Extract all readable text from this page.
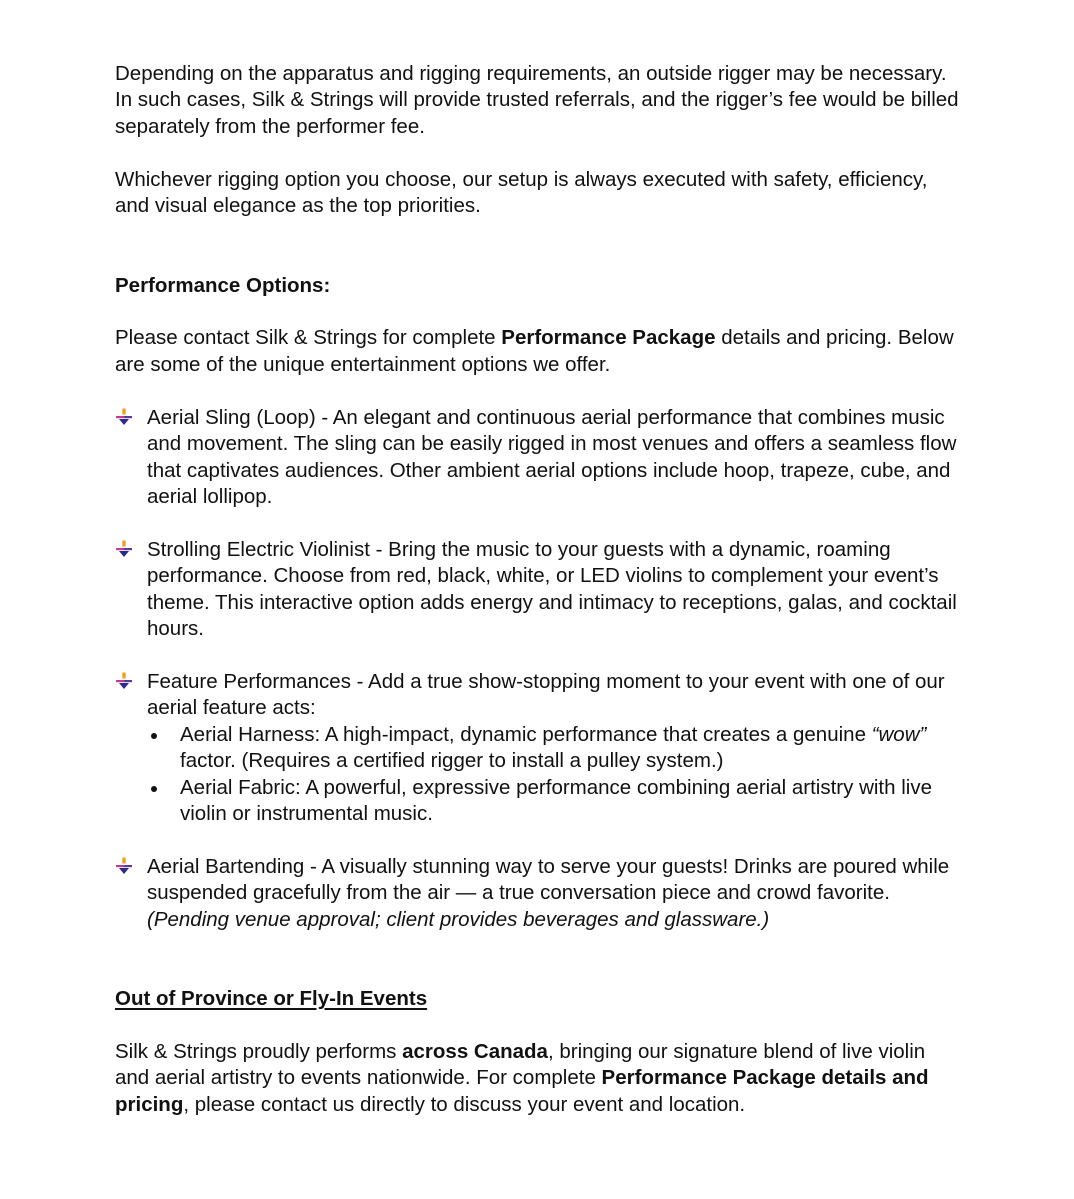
Depending on the apparatus and rigging requirements, an outside rigger may be necessary. In such cases, Silk & Strings will provide trusted referrals, and the rigger’s fee would be billed separately from the performer fee.

Whichever rigging option you choose, our setup is always executed with safety, efficiency, and visual elegance as the top priorities.

Performance Options:

Please contact Silk & Strings for complete Performance Package details and pricing. Below are some of the unique entertainment options we offer.

Aerial Sling (Loop) - An elegant and continuous aerial performance that combines music and movement. The sling can be easily rigged in most venues and offers a seamless flow that captivates audiences. Other ambient aerial options include hoop, trapeze, cube, and aerial lollipop.

Strolling Electric Violinist - Bring the music to your guests with a dynamic, roaming performance. Choose from red, black, white, or LED violins to complement your event’s theme. This interactive option adds energy and intimacy to receptions, galas, and cocktail hours.

Feature Performances - Add a true show-stopping moment to your event with one of our aerial feature acts:

Aerial Harness: A high-impact, dynamic performance that creates a genuine “wow” factor. (Requires a certified rigger to install a pulley system.)
Aerial Fabric: A powerful, expressive performance combining aerial artistry with live violin or instrumental music.

Aerial Bartending - A visually stunning way to serve your guests! Drinks are poured while suspended gracefully from the air — a true conversation piece and crowd favorite. (Pending venue approval; client provides beverages and glassware.)

Out of Province or Fly-In Events

Silk & Strings proudly performs across Canada, bringing our signature blend of live violin and aerial artistry to events nationwide. For complete Performance Package details and pricing, please contact us directly to discuss your event and location.
